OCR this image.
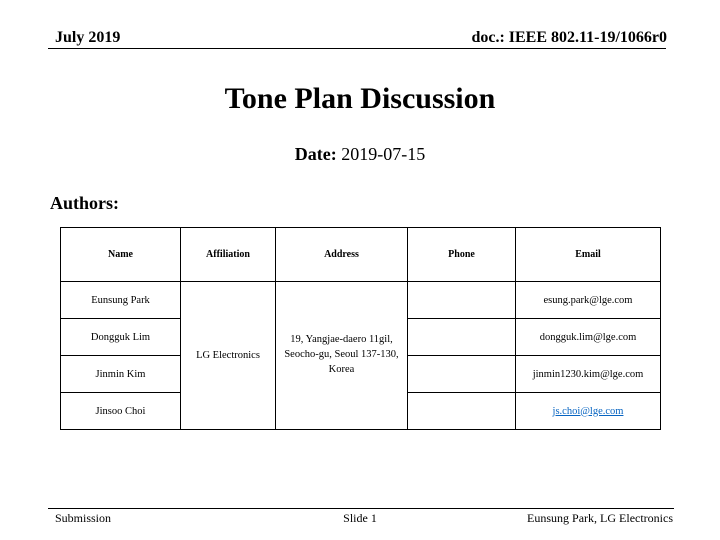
July 2019	doc.: IEEE 802.11-19/1066r0
Tone Plan Discussion
Date: 2019-07-15
Authors:
Name	Affiliation	Address	Phone	Email
Eunsung Park	LG Electronics	19, Yangjae-daero 11gil, Seocho-gu, Seoul 137-130, Korea		esung.park@lge.com
Dongguk Lim				dongguk.lim@lge.com
Jinmin Kim				jinmin1230.kim@lge.com
Jinsoo Choi				js.choi@lge.com
Submission	Slide 1	Eunsung Park, LG Electronics
